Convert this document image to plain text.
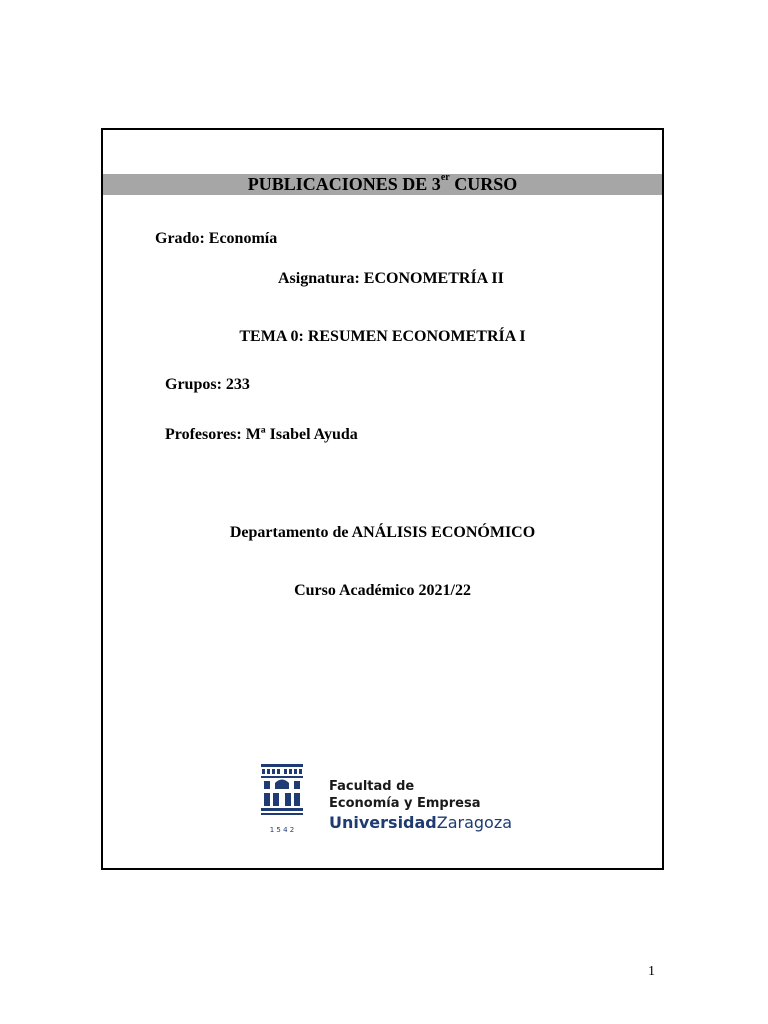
PUBLICACIONES DE 3er CURSO
Grado: Economía
Asignatura: ECONOMETRÍA II
TEMA 0: RESUMEN ECONOMETRÍA I
Grupos: 233
Profesores: Mª Isabel Ayuda
Departamento de ANÁLISIS ECONÓMICO
Curso Académico 2021/22
1 5 4 2
Facultad de
Economía y Empresa
UniversidadZaragoza
1
